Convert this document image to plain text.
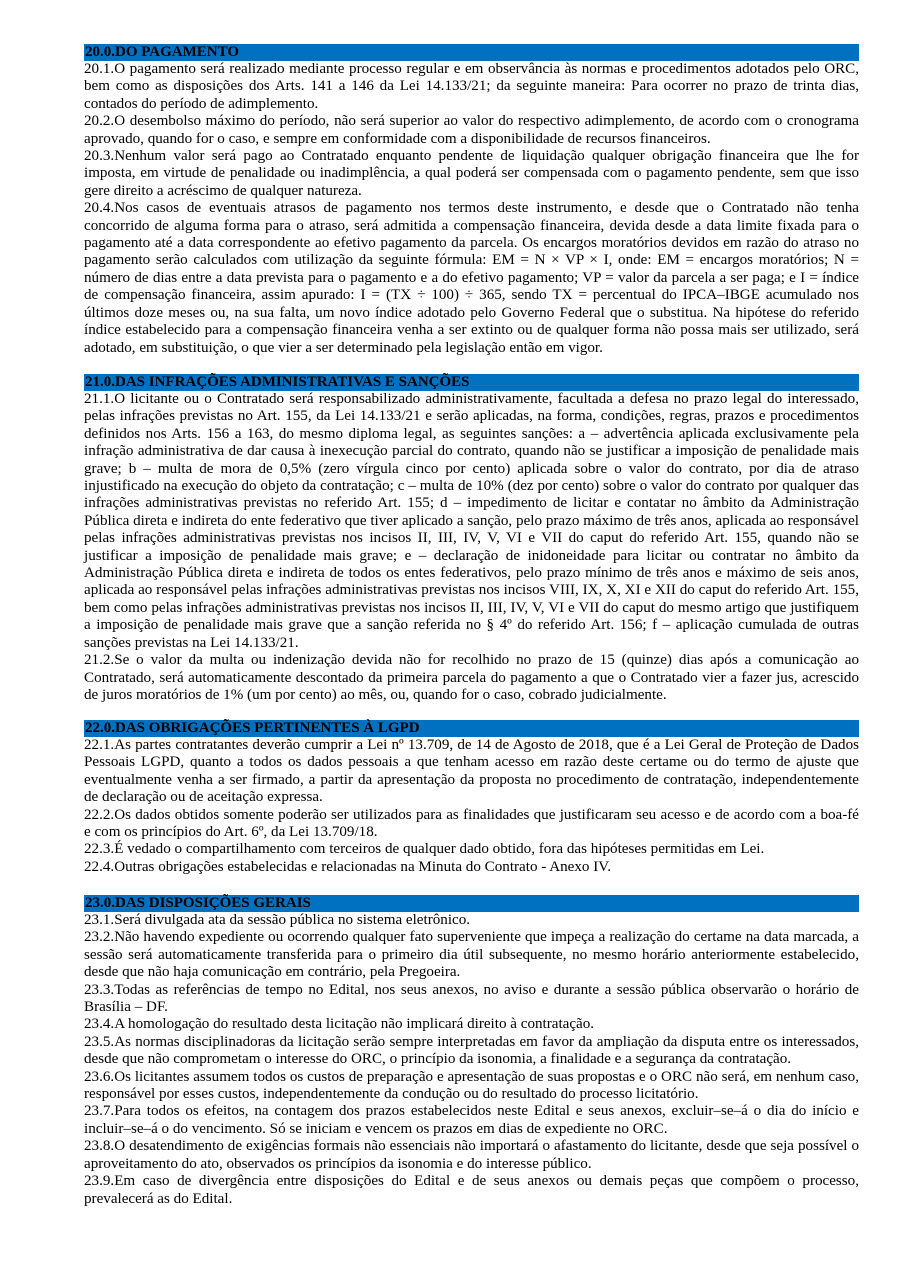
20.0.DO PAGAMENTO

20.1.O pagamento será realizado mediante processo regular e em observância às normas e procedimentos adotados pelo ORC, bem como as disposições dos Arts. 141 a 146 da Lei 14.133/21; da seguinte maneira: Para ocorrer no prazo de trinta dias, contados do período de adimplemento.

20.2.O desembolso máximo do período, não será superior ao valor do respectivo adimplemento, de acordo com o cronograma aprovado, quando for o caso, e sempre em conformidade com a disponibilidade de recursos financeiros.

20.3.Nenhum valor será pago ao Contratado enquanto pendente de liquidação qualquer obrigação financeira que lhe for imposta, em virtude de penalidade ou inadimplência, a qual poderá ser compensada com o pagamento pendente, sem que isso gere direito a acréscimo de qualquer natureza.

20.4.Nos casos de eventuais atrasos de pagamento nos termos deste instrumento, e desde que o Contratado não tenha concorrido de alguma forma para o atraso, será admitida a compensação financeira, devida desde a data limite fixada para o pagamento até a data correspondente ao efetivo pagamento da parcela. Os encargos moratórios devidos em razão do atraso no pagamento serão calculados com utilização da seguinte fórmula: EM = N × VP × I, onde: EM = encargos moratórios; N = número de dias entre a data prevista para o pagamento e a do efetivo pagamento; VP = valor da parcela a ser paga; e I = índice de compensação financeira, assim apurado: I = (TX ÷ 100) ÷ 365, sendo TX = percentual do IPCA–IBGE acumulado nos últimos doze meses ou, na sua falta, um novo índice adotado pelo Governo Federal que o substitua. Na hipótese do referido índice estabelecido para a compensação financeira venha a ser extinto ou de qualquer forma não possa mais ser utilizado, será adotado, em substituição, o que vier a ser determinado pela legislação então em vigor.

21.0.DAS INFRAÇÕES ADMINISTRATIVAS E SANÇÕES

21.1.O licitante ou o Contratado será responsabilizado administrativamente, facultada a defesa no prazo legal do interessado, pelas infrações previstas no Art. 155, da Lei 14.133/21 e serão aplicadas, na forma, condições, regras, prazos e procedimentos definidos nos Arts. 156 a 163, do mesmo diploma legal, as seguintes sanções: a – advertência aplicada exclusivamente pela infração administrativa de dar causa à inexecução parcial do contrato, quando não se justificar a imposição de penalidade mais grave; b – multa de mora de 0,5% (zero vírgula cinco por cento) aplicada sobre o valor do contrato, por dia de atraso injustificado na execução do objeto da contratação; c – multa de 10% (dez por cento) sobre o valor do contrato por qualquer das infrações administrativas previstas no referido Art. 155; d – impedimento de licitar e contatar no âmbito da Administração Pública direta e indireta do ente federativo que tiver aplicado a sanção, pelo prazo máximo de três anos, aplicada ao responsável pelas infrações administrativas previstas nos incisos II, III, IV, V, VI e VII do caput do referido Art. 155, quando não se justificar a imposição de penalidade mais grave; e – declaração de inidoneidade para licitar ou contratar no âmbito da Administração Pública direta e indireta de todos os entes federativos, pelo prazo mínimo de três anos e máximo de seis anos, aplicada ao responsável pelas infrações administrativas previstas nos incisos VIII, IX, X, XI e XII do caput do referido Art. 155, bem como pelas infrações administrativas previstas nos incisos II, III, IV, V, VI e VII do caput do mesmo artigo que justifiquem a imposição de penalidade mais grave que a sanção referida no § 4º do referido Art. 156; f – aplicação cumulada de outras sanções previstas na Lei 14.133/21.

21.2.Se o valor da multa ou indenização devida não for recolhido no prazo de 15 (quinze) dias após a comunicação ao Contratado, será automaticamente descontado da primeira parcela do pagamento a que o Contratado vier a fazer jus, acrescido de juros moratórios de 1% (um por cento) ao mês, ou, quando for o caso, cobrado judicialmente.

22.0.DAS OBRIGAÇÕES PERTINENTES À LGPD

22.1.As partes contratantes deverão cumprir a Lei nº 13.709, de 14 de Agosto de 2018, que é a Lei Geral de Proteção de Dados Pessoais LGPD, quanto a todos os dados pessoais a que tenham acesso em razão deste certame ou do termo de ajuste que eventualmente venha a ser firmado, a partir da apresentação da proposta no procedimento de contratação, independentemente de declaração ou de aceitação expressa.

22.2.Os dados obtidos somente poderão ser utilizados para as finalidades que justificaram seu acesso e de acordo com a boa-fé e com os princípios do Art. 6º, da Lei 13.709/18.

22.3.É vedado o compartilhamento com terceiros de qualquer dado obtido, fora das hipóteses permitidas em Lei.

22.4.Outras obrigações estabelecidas e relacionadas na Minuta do Contrato - Anexo IV.

23.0.DAS DISPOSIÇÕES GERAIS

23.1.Será divulgada ata da sessão pública no sistema eletrônico.

23.2.Não havendo expediente ou ocorrendo qualquer fato superveniente que impeça a realização do certame na data marcada, a sessão será automaticamente transferida para o primeiro dia útil subsequente, no mesmo horário anteriormente estabelecido, desde que não haja comunicação em contrário, pela Pregoeira.

23.3.Todas as referências de tempo no Edital, nos seus anexos, no aviso e durante a sessão pública observarão o horário de Brasília – DF.

23.4.A homologação do resultado desta licitação não implicará direito à contratação.

23.5.As normas disciplinadoras da licitação serão sempre interpretadas em favor da ampliação da disputa entre os interessados, desde que não comprometam o interesse do ORC, o princípio da isonomia, a finalidade e a segurança da contratação.

23.6.Os licitantes assumem todos os custos de preparação e apresentação de suas propostas e o ORC não será, em nenhum caso, responsável por esses custos, independentemente da condução ou do resultado do processo licitatório.

23.7.Para todos os efeitos, na contagem dos prazos estabelecidos neste Edital e seus anexos, excluir–se–á o dia do início e incluir–se–á o do vencimento. Só se iniciam e vencem os prazos em dias de expediente no ORC.

23.8.O desatendimento de exigências formais não essenciais não importará o afastamento do licitante, desde que seja possível o aproveitamento do ato, observados os princípios da isonomia e do interesse público.

23.9.Em caso de divergência entre disposições do Edital e de seus anexos ou demais peças que compõem o processo, prevalecerá as do Edital.
